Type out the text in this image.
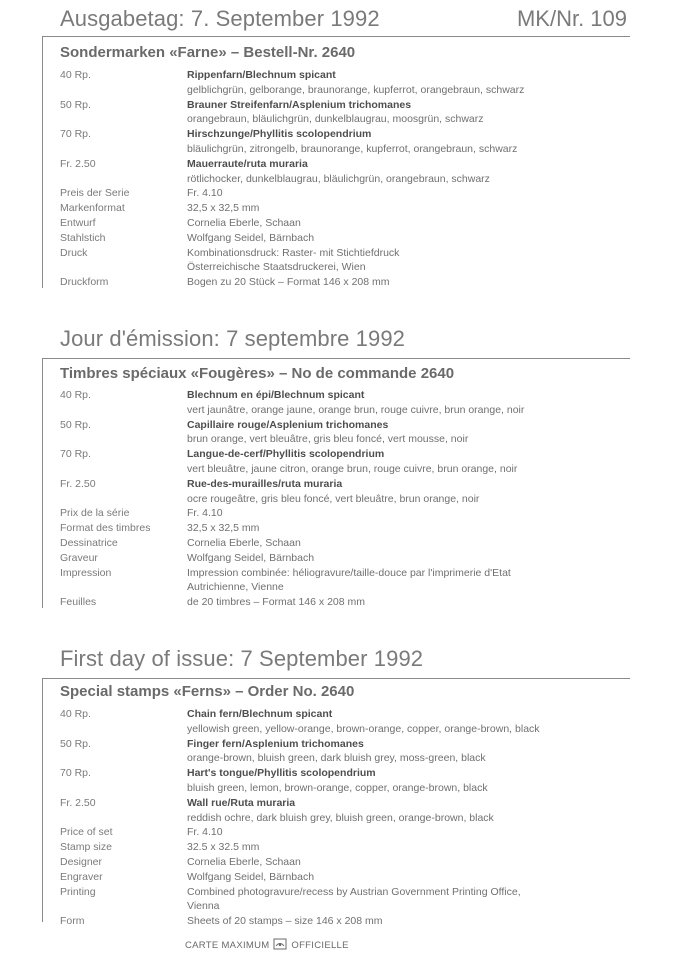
Ausgabetag: 7. September 1992	MK/Nr. 109
Sondermarken «Farne» – Bestell-Nr. 2640
40 Rp.	Rippenfarn/Blechnum spicant
gelblichgrün, gelborange, braunorange, kupferrot, orangebraun, schwarz
50 Rp.	Brauner Streifenfarn/Asplenium trichomanes
orangebraun, bläulichgrün, dunkelblaugrau, moosgrün, schwarz
70 Rp.	Hirschzunge/Phyllitis scolopendrium
bläulichgrün, zitrongelb, braunorange, kupferrot, orangebraun, schwarz
Fr. 2.50	Mauerraute/ruta muraria
rötlichocker, dunkelblaugrau, bläulichgrün, orangebraun, schwarz
Preis der Serie	Fr. 4.10
Markenformat	32,5 x 32,5 mm
Entwurf	Cornelia Eberle, Schaan
Stahlstich	Wolfgang Seidel, Bärnbach
Druck	Kombinationsdruck: Raster- mit Stichtiefdruck
Österreichische Staatsdruckerei, Wien
Druckform	Bogen zu 20 Stück – Format 146 x 208 mm
Jour d'émission: 7 septembre 1992
Timbres spéciaux «Fougères» – No de commande 2640
40 Rp.	Blechnum en épi/Blechnum spicant
vert jaunâtre, orange jaune, orange brun, rouge cuivre, brun orange, noir
50 Rp.	Capillaire rouge/Asplenium trichomanes
brun orange, vert bleuâtre, gris bleu foncé, vert mousse, noir
70 Rp.	Langue-de-cerf/Phyllitis scolopendrium
vert bleuâtre, jaune citron, orange brun, rouge cuivre, brun orange, noir
Fr. 2.50	Rue-des-murailles/ruta muraria
ocre rougeâtre, gris bleu foncé, vert bleuâtre, brun orange, noir
Prix de la série	Fr. 4.10
Format des timbres	32,5 x 32,5 mm
Dessinatrice	Cornelia Eberle, Schaan
Graveur	Wolfgang Seidel, Bärnbach
Impression	Impression combinée: héliogravure/taille-douce par l'imprimerie d'Etat
Autrichienne, Vienne
Feuilles	de 20 timbres – Format 146 x 208 mm
First day of issue: 7 September 1992
Special stamps «Ferns» – Order No. 2640
40 Rp.	Chain fern/Blechnum spicant
yellowish green, yellow-orange, brown-orange, copper, orange-brown, black
50 Rp.	Finger fern/Asplenium trichomanes
orange-brown, bluish green, dark bluish grey, moss-green, black
70 Rp.	Hart's tongue/Phyllitis scolopendrium
bluish green, lemon, brown-orange, copper, orange-brown, black
Fr. 2.50	Wall rue/Ruta muraria
reddish ochre, dark bluish grey, bluish green, orange-brown, black
Price of set	Fr. 4.10
Stamp size	32.5 x 32.5 mm
Designer	Cornelia Eberle, Schaan
Engraver	Wolfgang Seidel, Bärnbach
Printing	Combined photogravure/recess by Austrian Government Printing Office,
Vienna
Form	Sheets of 20 stamps – size 146 x 208 mm
CARTE MAXIMUM OFFICIELLE
